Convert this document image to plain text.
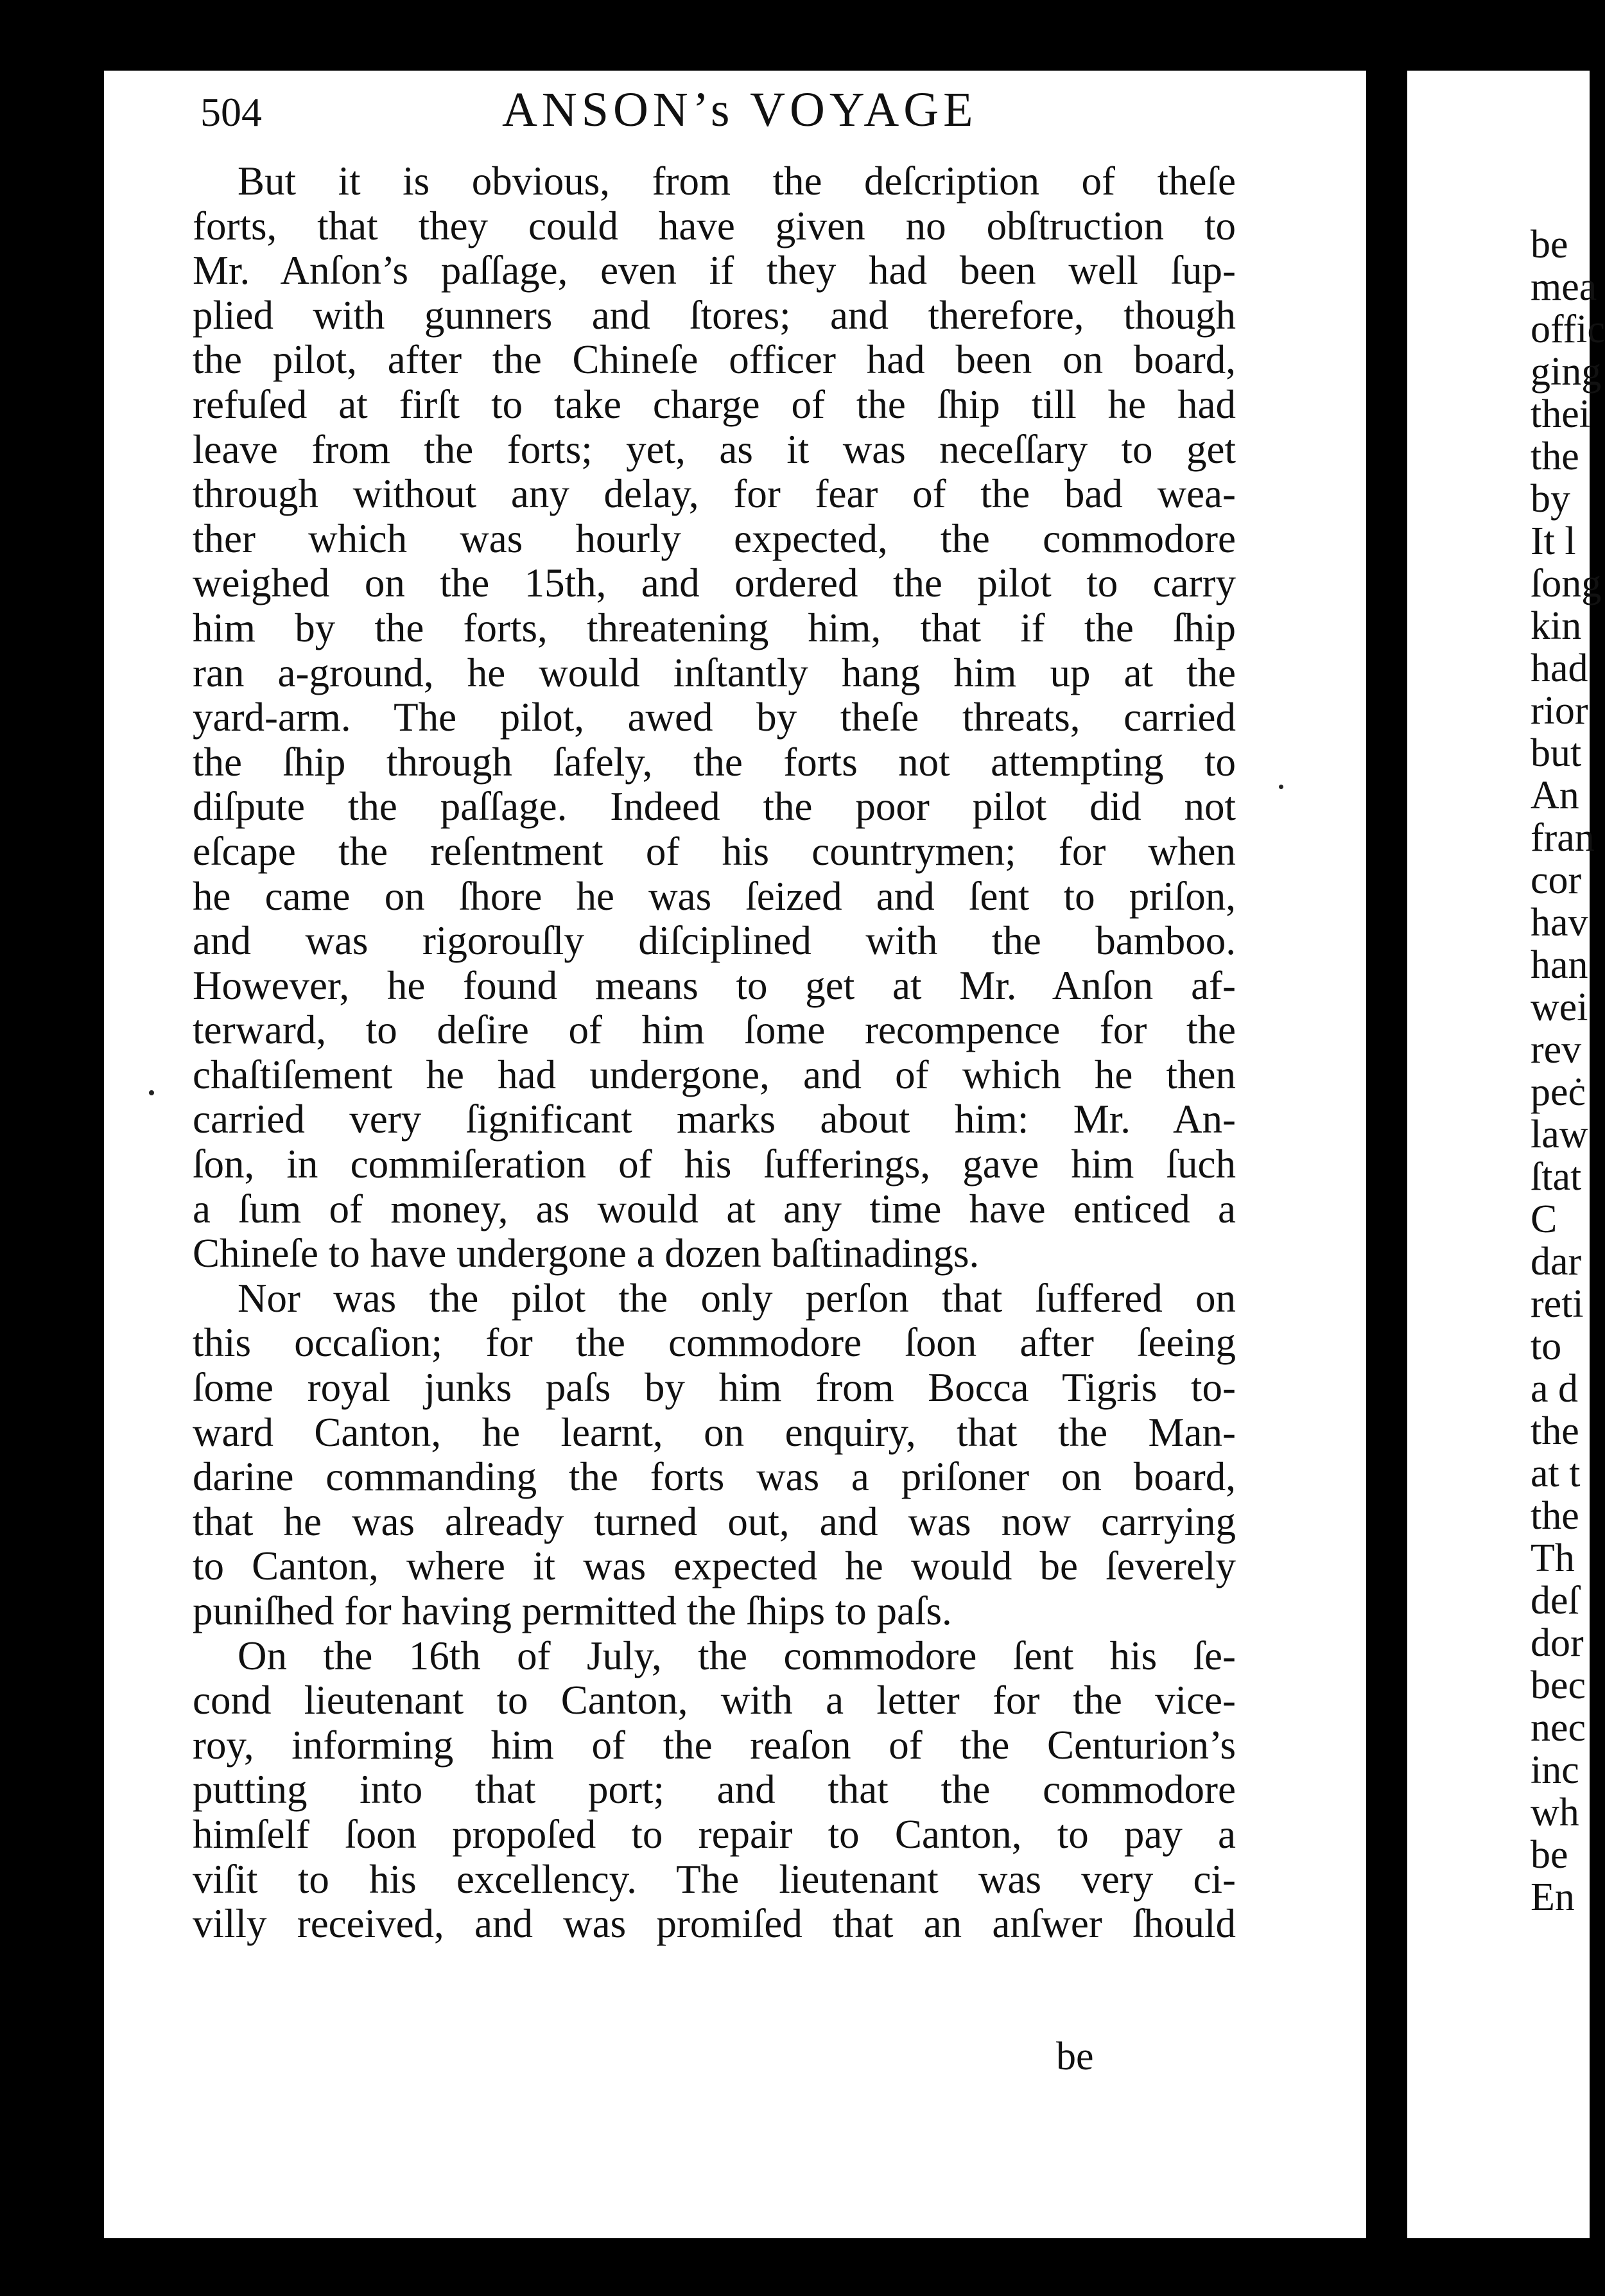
504	ANSON’s VOYAGE
But it is obvious, from the deſcription of theſe
forts, that they could have given no obſtruction to
Mr. Anſon’s paſſage, even if they had been well ſup-
plied with gunners and ſtores; and therefore, though
the pilot, after the Chineſe officer had been on board,
refuſed at firſt to take charge of the ſhip till he had
leave from the forts; yet, as it was neceſſary to get
through without any delay, for fear of the bad wea-
ther which was hourly expected, the commodore
weighed on the 15th, and ordered the pilot to carry
him by the forts, threatening him, that if the ſhip
ran a-ground, he would inſtantly hang him up at the
yard-arm. The pilot, awed by theſe threats, carried
the ſhip through ſafely, the forts not attempting to
diſpute the paſſage. Indeed the poor pilot did not
eſcape the reſentment of his countrymen; for when
he came on ſhore he was ſeized and ſent to priſon,
and was rigorouſly diſciplined with the bamboo.
However, he found means to get at Mr. Anſon af-
terward, to deſire of him ſome recompence for the
chaſtiſement he had undergone, and of which he then
carried very ſignificant marks about him: Mr. An-
ſon, in commiſeration of his ſufferings, gave him ſuch
a ſum of money, as would at any time have enticed a
Chineſe to have undergone a dozen baſtinadings.
Nor was the pilot the only perſon that ſuffered on
this occaſion; for the commodore ſoon after ſeeing
ſome royal junks paſs by him from Bocca Tigris to-
ward Canton, he learnt, on enquiry, that the Man-
darine commanding the forts was a priſoner on board,
that he was already turned out, and was now carrying
to Canton, where it was expected he would be ſeverely
puniſhed for having permitted the ſhips to paſs.
On the 16th of July, the commodore ſent his ſe-
cond lieutenant to Canton, with a letter for the vice-
roy, informing him of the reaſon of the Centurion’s
putting into that port; and that the commodore
himſelf ſoon propoſed to repair to Canton, to pay a
viſit to his excellency. The lieutenant was very ci-
villy received, and was promiſed that an anſwer ſhould
be
be
mea
offic
ging
thei
the
by
It l
ſong
kin
had
rior
but
An
fran
cor
hav
han
wei
rev
peċ
law
ſtat
C
dar
reti
to
a d
the
at t
the
Th
deſ
dor
bec
nec
inc
wh
be
En
